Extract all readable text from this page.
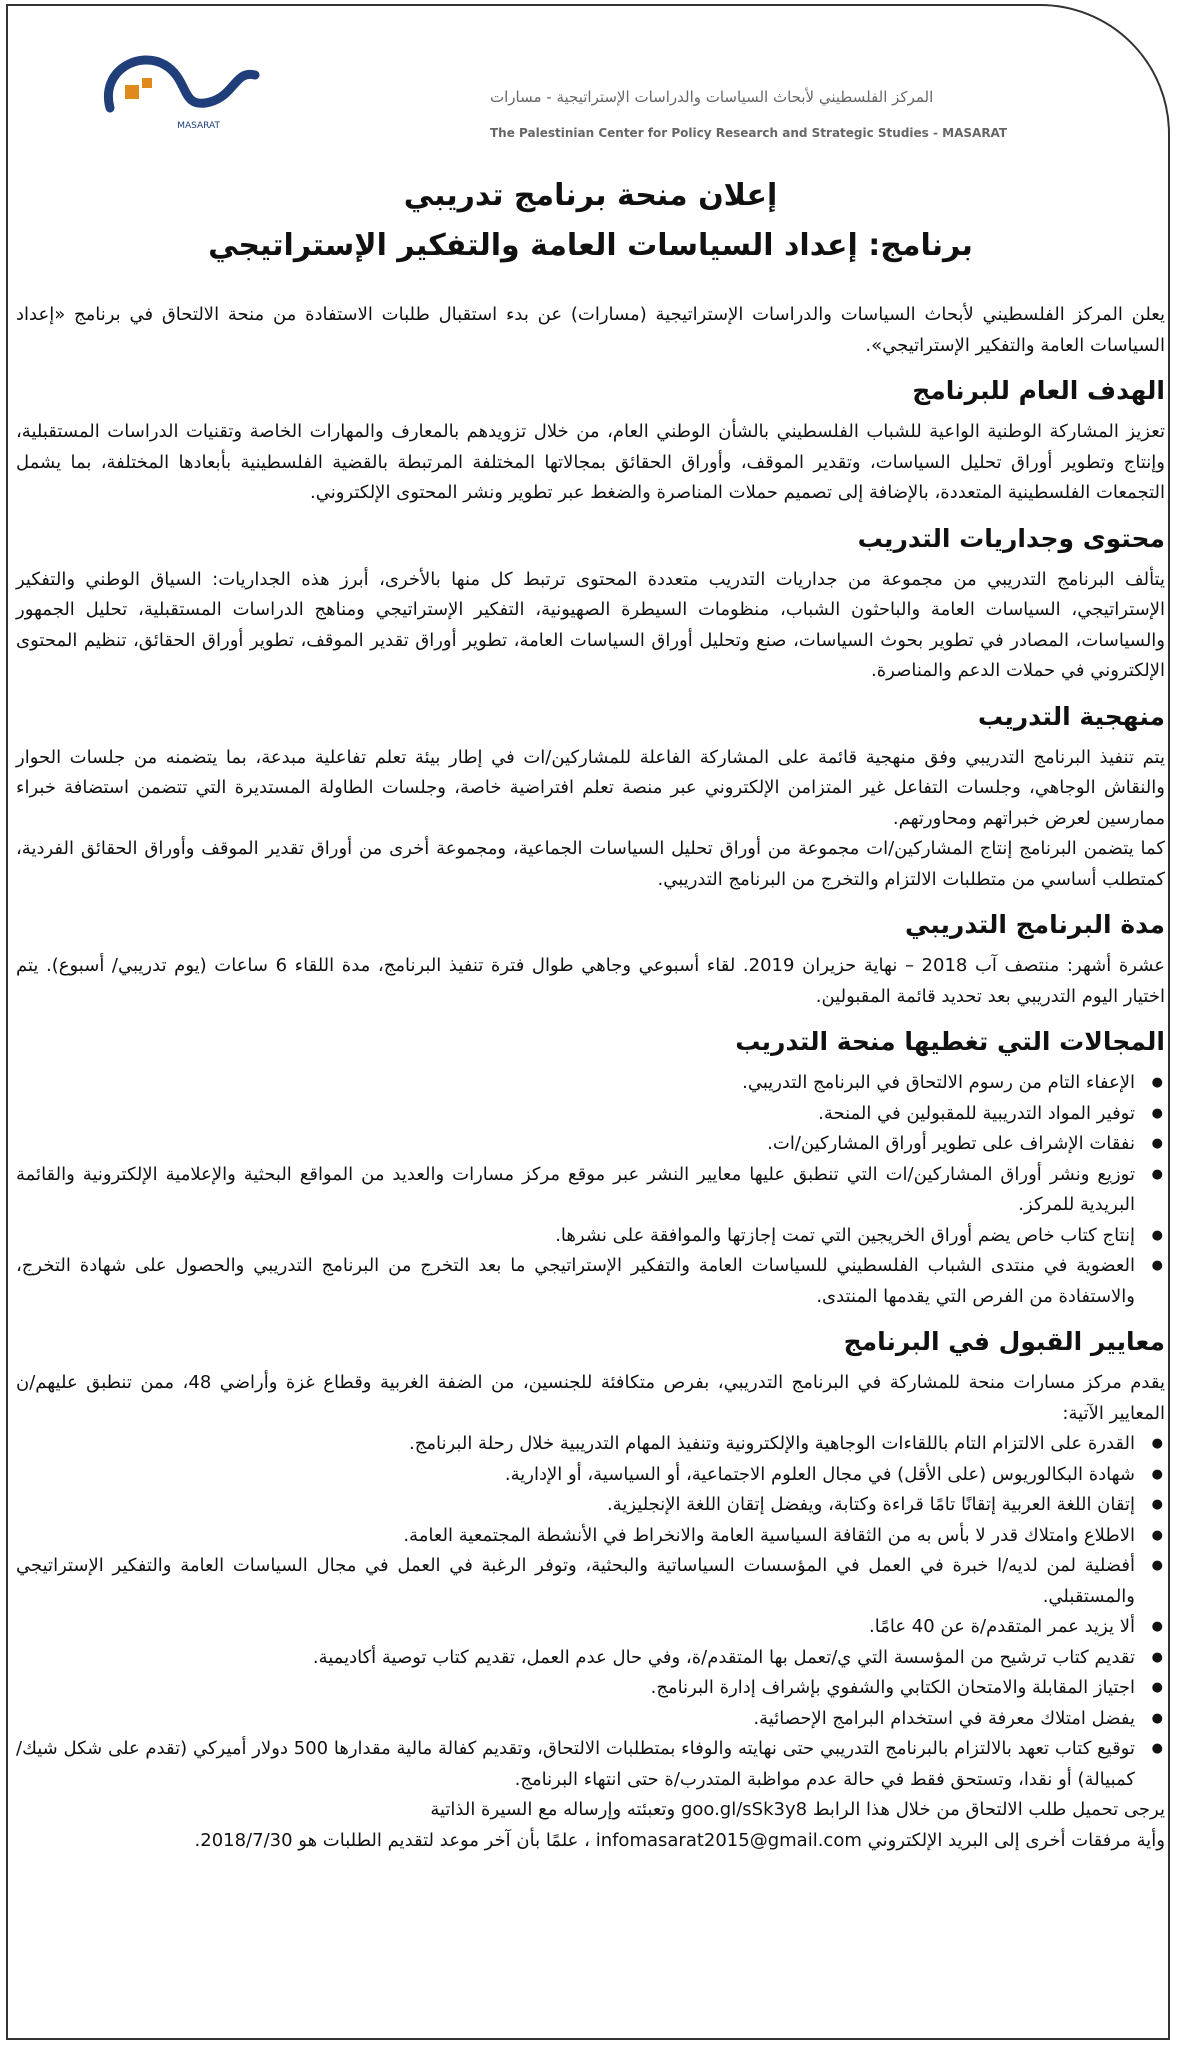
MASARAT
المركز الفلسطيني لأبحاث السياسات والدراسات الإستراتيجية - مسارات
The Palestinian Center for Policy Research and Strategic Studies - MASARAT
إعلان منحة برنامج تدريبي
برنامج: إعداد السياسات العامة والتفكير الإستراتيجي

يعلن المركز الفلسطيني لأبحاث السياسات والدراسات الإستراتيجية (مسارات) عن بدء استقبال طلبات الاستفادة من منحة الالتحاق في برنامج «إعداد السياسات العامة والتفكير الإستراتيجي».

الهدف العام للبرنامج

تعزيز المشاركة الوطنية الواعية للشباب الفلسطيني بالشأن الوطني العام، من خلال تزويدهم بالمعارف والمهارات الخاصة وتقنيات الدراسات المستقبلية، وإنتاج وتطوير أوراق تحليل السياسات، وتقدير الموقف، وأوراق الحقائق بمجالاتها المختلفة المرتبطة بالقضية الفلسطينية بأبعادها المختلفة، بما يشمل التجمعات الفلسطينية المتعددة، بالإضافة إلى تصميم حملات المناصرة والضغط عبر تطوير ونشر المحتوى الإلكتروني.

محتوى وجداريات التدريب

يتألف البرنامج التدريبي من مجموعة من جداريات التدريب متعددة المحتوى ترتبط كل منها بالأخرى، أبرز هذه الجداريات: السياق الوطني والتفكير الإستراتيجي، السياسات العامة والباحثون الشباب، منظومات السيطرة الصهيونية، التفكير الإستراتيجي ومناهج الدراسات المستقبلية، تحليل الجمهور والسياسات، المصادر في تطوير بحوث السياسات، صنع وتحليل أوراق السياسات العامة، تطوير أوراق تقدير الموقف، تطوير أوراق الحقائق، تنظيم المحتوى الإلكتروني في حملات الدعم والمناصرة.

منهجية التدريب

يتم تنفيذ البرنامج التدريبي وفق منهجية قائمة على المشاركة الفاعلة للمشاركين/ات في إطار بيئة تعلم تفاعلية مبدعة، بما يتضمنه من جلسات الحوار والنقاش الوجاهي، وجلسات التفاعل غير المتزامن الإلكتروني عبر منصة تعلم افتراضية خاصة، وجلسات الطاولة المستديرة التي تتضمن استضافة خبراء ممارسين لعرض خبراتهم ومحاورتهم.

كما يتضمن البرنامج إنتاج المشاركين/ات مجموعة من أوراق تحليل السياسات الجماعية، ومجموعة أخرى من أوراق تقدير الموقف وأوراق الحقائق الفردية، كمتطلب أساسي من متطلبات الالتزام والتخرج من البرنامج التدريبي.

مدة البرنامج التدريبي

عشرة أشهر: منتصف آب 2018 – نهاية حزيران 2019. لقاء أسبوعي وجاهي طوال فترة تنفيذ البرنامج، مدة اللقاء 6 ساعات (يوم تدريبي/ أسبوع). يتم اختيار اليوم التدريبي بعد تحديد قائمة المقبولين.

المجالات التي تغطيها منحة التدريب
● الإعفاء التام من رسوم الالتحاق في البرنامج التدريبي.
● توفير المواد التدريبية للمقبولين في المنحة.
● نفقات الإشراف على تطوير أوراق المشاركين/ات.
● توزيع ونشر أوراق المشاركين/ات التي تنطبق عليها معايير النشر عبر موقع مركز مسارات والعديد من المواقع البحثية والإعلامية الإلكترونية والقائمة البريدية للمركز.
● إنتاج كتاب خاص يضم أوراق الخريجين التي تمت إجازتها والموافقة على نشرها.
● العضوية في منتدى الشباب الفلسطيني للسياسات العامة والتفكير الإستراتيجي ما بعد التخرج من البرنامج التدريبي والحصول على شهادة التخرج، والاستفادة من الفرص التي يقدمها المنتدى.
معايير القبول في البرنامج

يقدم مركز مسارات منحة للمشاركة في البرنامج التدريبي، بفرص متكافئة للجنسين، من الضفة الغربية وقطاع غزة وأراضي 48، ممن تنطبق عليهم/ن المعايير الآتية:

● القدرة على الالتزام التام باللقاءات الوجاهية والإلكترونية وتنفيذ المهام التدريبية خلال رحلة البرنامج.
● شهادة البكالوريوس (على الأقل) في مجال العلوم الاجتماعية، أو السياسية، أو الإدارية.
● إتقان اللغة العربية إتقانًا تامًا قراءة وكتابة، ويفضل إتقان اللغة الإنجليزية.
● الاطلاع وامتلاك قدر لا بأس به من الثقافة السياسية العامة والانخراط في الأنشطة المجتمعية العامة.
● أفضلية لمن لديه/ا خبرة في العمل في المؤسسات السياساتية والبحثية، وتوفر الرغبة في العمل في مجال السياسات العامة والتفكير الإستراتيجي والمستقبلي.
● ألا يزيد عمر المتقدم/ة عن 40 عامًا.
● تقديم كتاب ترشيح من المؤسسة التي ي/تعمل بها المتقدم/ة، وفي حال عدم العمل، تقديم كتاب توصية أكاديمية.
● اجتياز المقابلة والامتحان الكتابي والشفوي بإشراف إدارة البرنامج.
● يفضل امتلاك معرفة في استخدام البرامج الإحصائية.
● توقيع كتاب تعهد بالالتزام بالبرنامج التدريبي حتى نهايته والوفاء بمتطلبات الالتحاق، وتقديم كفالة مالية مقدارها 500 دولار أميركي (تقدم على شكل شيك/ كمبيالة) أو نقدا، وتستحق فقط في حالة عدم مواظبة المتدرب/ة حتى انتهاء البرنامج.

يرجى تحميل طلب الالتحاق من خلال هذا الرابط goo.gl/sSk3y8 وتعبئته وإرساله مع السيرة الذاتية

وأية مرفقات أخرى إلى البريد الإلكتروني infomasarat2015@gmail.com ، علمًا بأن آخر موعد لتقديم الطلبات هو 2018/7/30.
